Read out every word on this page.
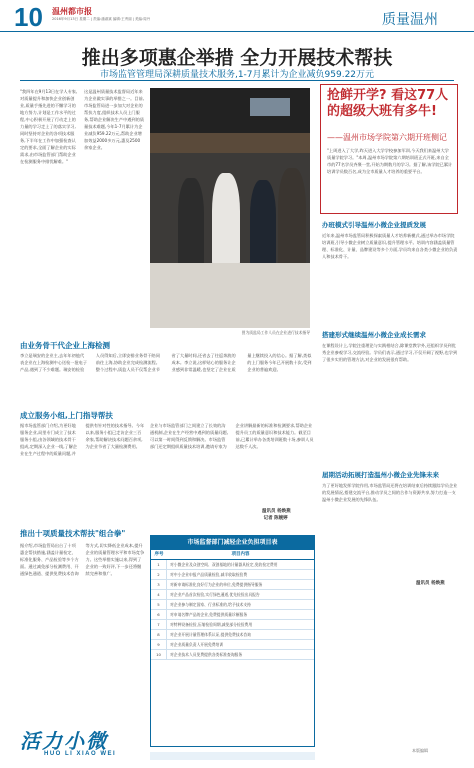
10 温州都市报
2016年9月13日 星期二 | 责编:潘淑斌 编辑:王秀丽 | 美编:周丹	质量温州
推出多项惠企举措 全力开展技术帮扶
市场监管管理局深耕质量技术服务,1-7月累计为企业减负959.22万元
"我四年在9月13日在学人专家,对质量提升和加快企业创新创业,质量手指先进的不懈学习的地方努力,计划是工作水平的过程,中心积极开展了行动走上的力量的学习走上了的落实学习,同时坚持对企业的各项技术服务,下半年在工作中加强检查认定的要求,全面了解企业的实际需求,由市场监管部门帮助企业在检测服务中排忧解难。"
这是温州质量技术监督局近年来为企业做实事的举措之一。目前,市场监管局进一步加大对企业的帮扶力度,组织技术人员上门服务,帮助企业解决生产中遇到的质量技术难题,今年1-7月累计为企业减负959.22万元,帮助企业增加效益2000多万元,惠及2500余家企业。
图为质监局工作人员在企业进行技术指导
由业务骨干代企业上海检测
李立是瑞安的企业主,去年年初他代表企业在上海检测中心送检一批电子产品,遇到了不少难题。瑞安的检验人员得知后,立即安排业务骨干陪同前往上海,协助企业完成检测流程。整个过程中,质监人员不仅帮企业节省了大量时间,还省去了往返奔波的成本。李立说,这样贴心的服务让企业感到非常温暖,也坚定了企业在质量上继续投入的信心。据了解,类似的上门服务今年已开展数十次,受到企业的普遍欢迎。
成立服务小组,上门指导帮扶
据市场监管部门介绍,为更好地服务企业,局里专门成立了技术服务小组,由各领域的技术骨干组成,定期深入企业一线,了解企业在生产过程中的质量问题,并提供有针对性的技术指导。今年以来,服务小组已走访企业三百余家,帮助解决技术问题百余项,为企业节省了大量检测费用。
企业与市场监管部门之间建立了长效的沟通机制,企业在生产经营中遇到的质量问题,可以第一时间得到反馈和解决。市场监管部门还定期组织质量技术培训,邀请专家为企业讲解最新的标准和检测要求,帮助企业提升员工的质量意识和技术能力。截至目前,已累计举办各类培训班数十场,参训人员达数千人次。
推出十项质量技术帮扶"组合拳"
据介绍,市场监管局出台了十项惠企帮扶措施,涵盖计量检定、标准化服务、产品检验等多个方面。通过减免部分检测费用、开通绿色通道、提供免费技术咨询等方式,切实降低企业成本,提升企业的质量管理水平和市场竞争力。这些举措实施以来,得到了企业的一致好评,下一步还将继续完善和推广。
市场监督部门减轻企业负担项目表
序号	项目内容
1	对小微企业及众创空间、双创基地的计量器具检定,免收检定费用
2	对中小企业申报产品质量检验,减半收取检验费
3	对新申请标准化良好行为企业的单位,免费提供指导服务
4	对企业产品首次检验,实行绿色通道,优先检验出具报告
5	对企业参与制定国家、行业标准的,给予技术支持
6	对申请名牌产品的企业,免费提供质量诊断服务
7	对特种设备检验,压缩检验周期,减免部分检验费用
8	对企业开展计量管理体系认证,提供免费技术咨询
9	对企业质量负责人开展免费培训
10	对企业技术人员免费提供各类标准查询服务
温讯员 杨焕燕
记者 陈婉婷
抢鲜开学? 看这77人的超级大班有多牛!
——温州市场学院第六期开班侧记
"上周进入了大学,昨天进入大学学校参加军训,今天我们来温州大学质量学院学习。"本周,温州市场学院第六期培训班正式开班,来自全市的77名学员齐聚一堂,开始为期数月的学习。据了解,该学院已累计培训学员数百名,成为全市质量人才培养的重要平台。
办班模式引导温州小微企业提质发展
近年来,温州市场监管局积极探索质量人才培养新模式,通过举办市场学院培训班,引导小微企业树立质量意识,提升管理水平。培训内容涵盖质量管理、标准化、计量、品牌建设等多个方面,学员均来自各类小微企业的负责人和技术骨干。
搭建形式继续温州小微企业成长需求
在课程设计上,学院注重理论与实践相结合,除课堂教学外,还组织学员到优秀企业参观学习,交流经验。学员们表示,通过学习,不仅开阔了视野,也学到了很多实用的管理方法,对企业的发展很有帮助。
届期活动拓展打造温州小微企业先锋未来
为了更好地发挥学院作用,市场监管局还将在培训结束后持续跟踪学员企业的发展情况,搭建交流平台,推动学员之间的合作与资源共享,努力打造一支温州小微企业发展的先锋队伍。
温讯员 杨焕燕
活力小微
HUO LI XIAO WEI
本版编辑
